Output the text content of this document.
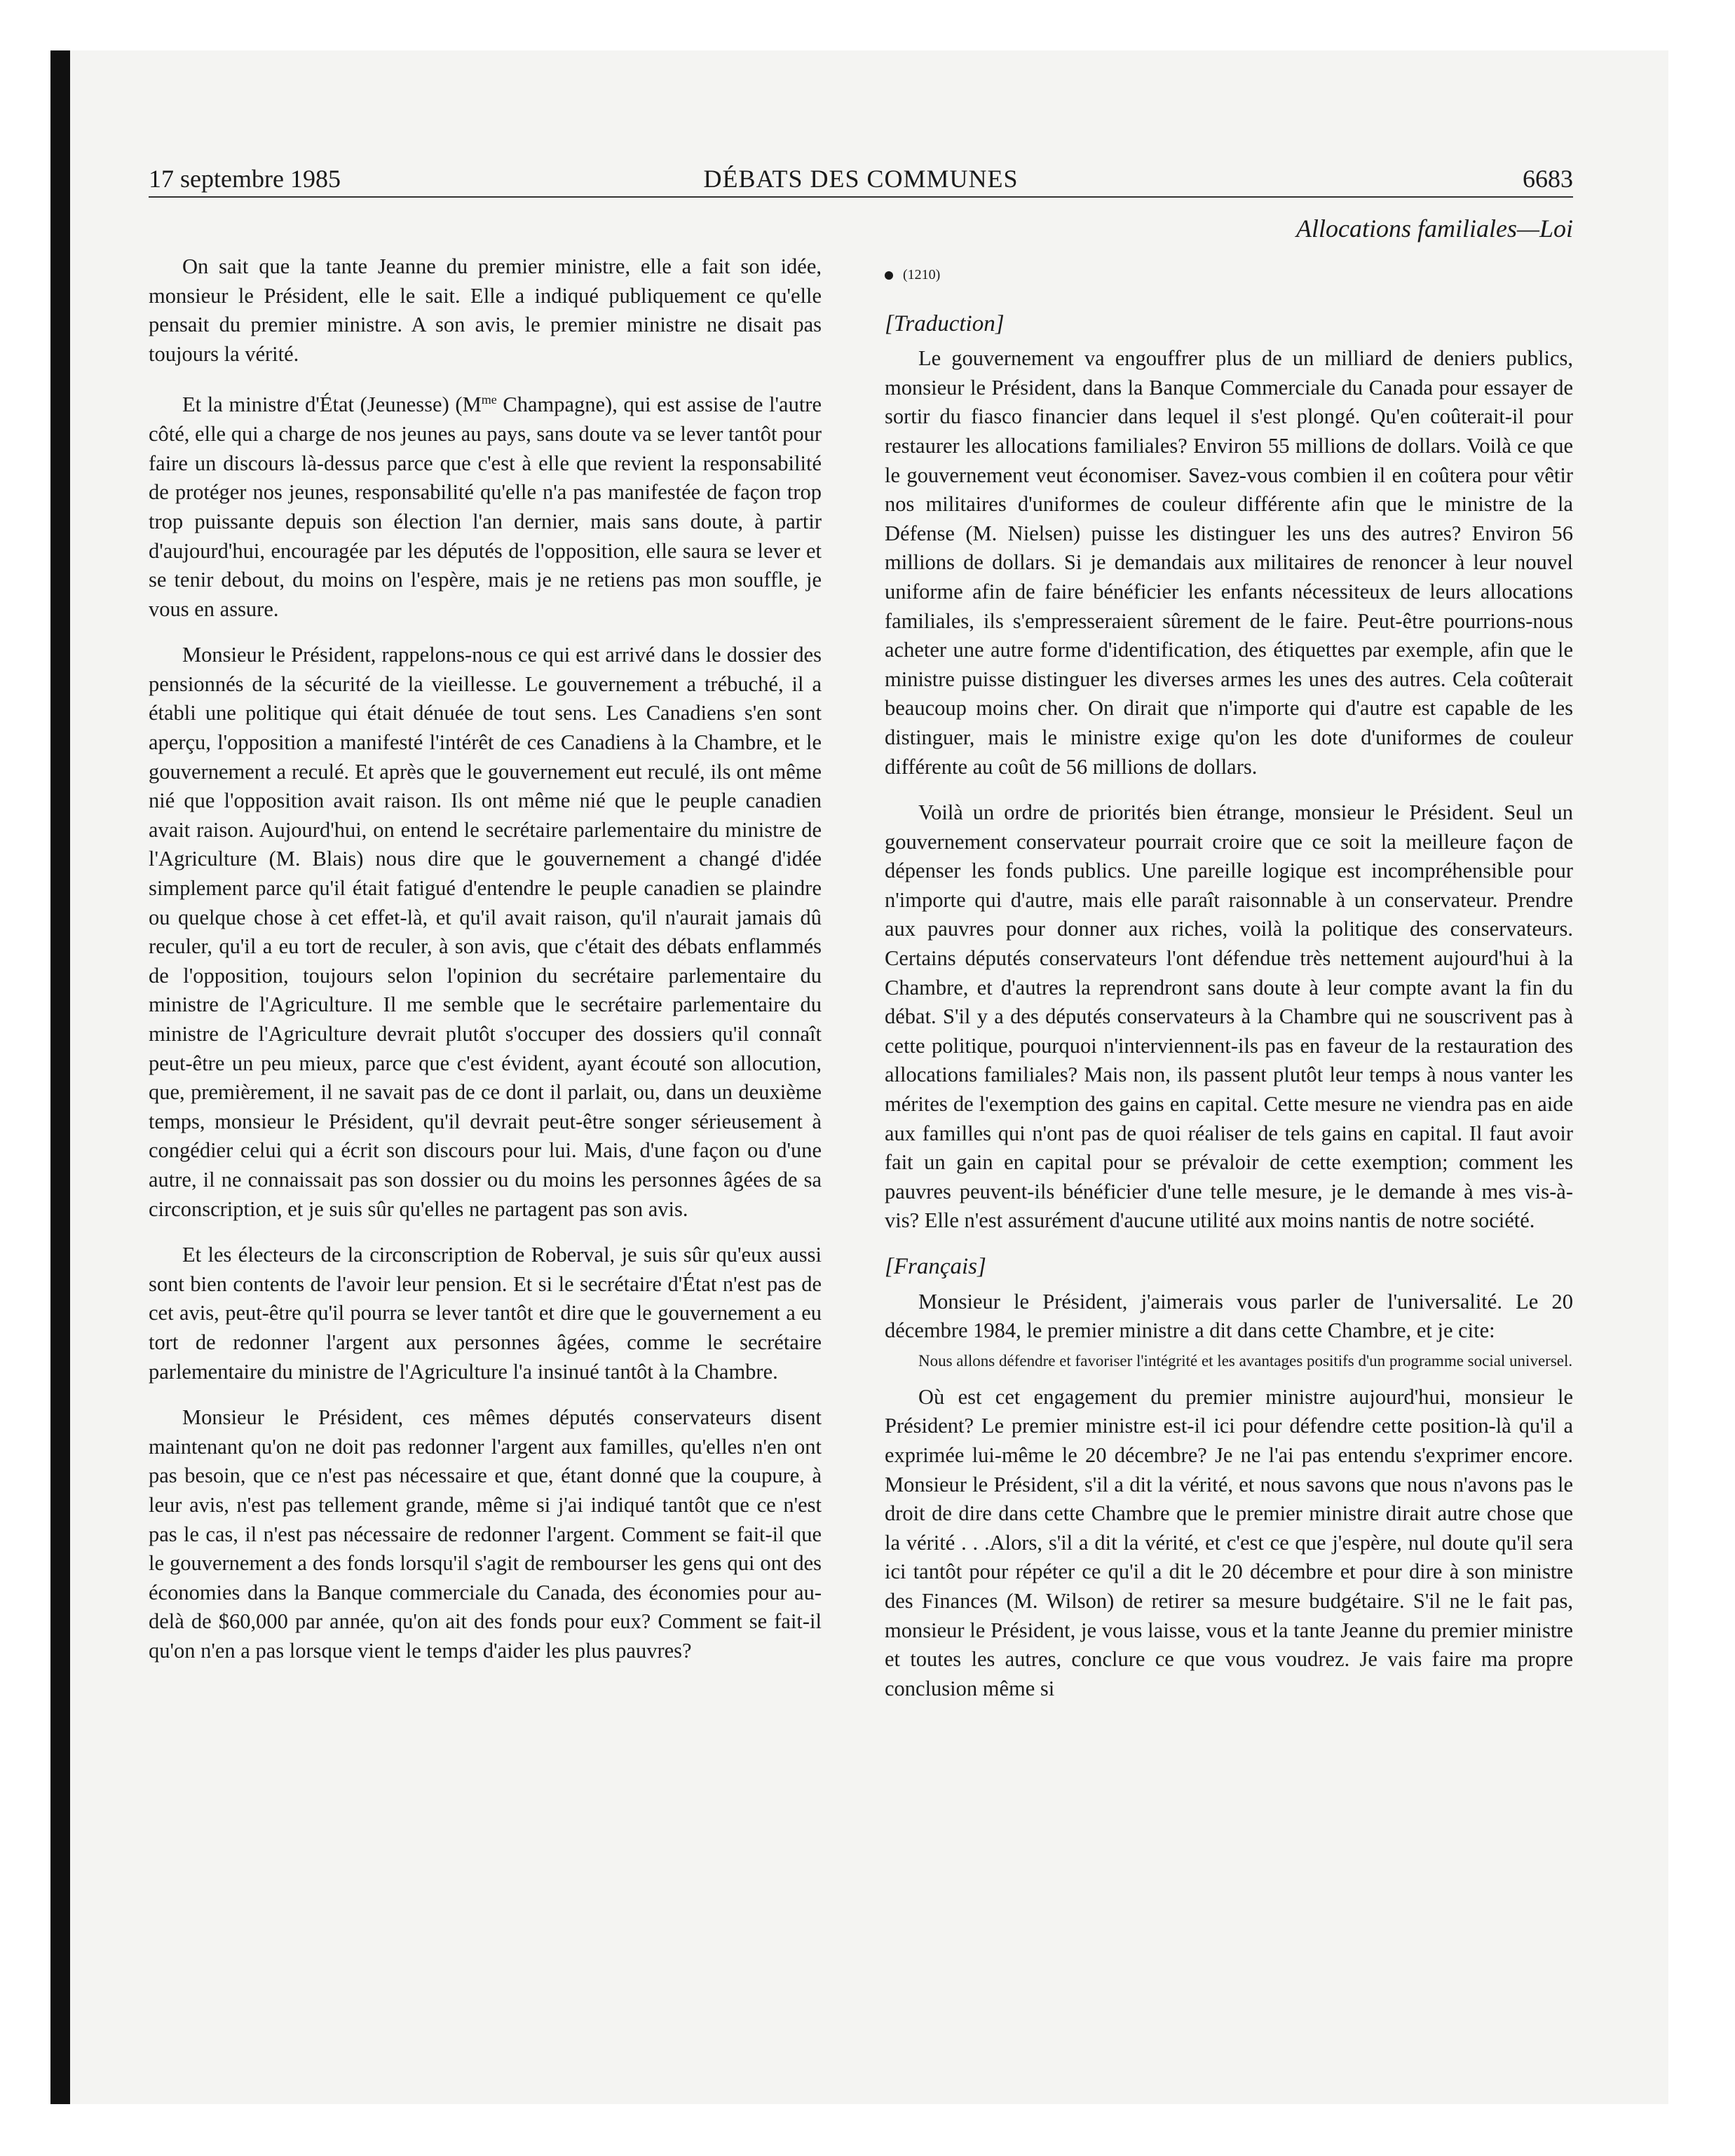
17 septembre 1985	DÉBATS DES COMMUNES	6683
Allocations familiales—Loi

On sait que la tante Jeanne du premier ministre, elle a fait son idée, monsieur le Président, elle le sait. Elle a indiqué publiquement ce qu'elle pensait du premier ministre. A son avis, le premier ministre ne disait pas toujours la vérité.

Et la ministre d'État (Jeunesse) ($M^{me}$ Champagne), qui est assise de l'autre côté, elle qui a charge de nos jeunes au pays, sans doute va se lever tantôt pour faire un discours là-dessus parce que c'est à elle que revient la responsabilité de protéger nos jeunes, responsabilité qu'elle n'a pas manifestée de façon trop trop puissante depuis son élection l'an dernier, mais sans doute, à partir d'aujourd'hui, encouragée par les députés de l'opposition, elle saura se lever et se tenir debout, du moins on l'espère, mais je ne retiens pas mon souffle, je vous en assure.

Monsieur le Président, rappelons-nous ce qui est arrivé dans le dossier des pensionnés de la sécurité de la vieillesse. Le gouvernement a trébuché, il a établi une politique qui était dénuée de tout sens. Les Canadiens s'en sont aperçu, l'opposition a manifesté l'intérêt de ces Canadiens à la Chambre, et le gouvernement a reculé. Et après que le gouvernement eut reculé, ils ont même nié que l'opposition avait raison. Ils ont même nié que le peuple canadien avait raison. Aujourd'hui, on entend le secrétaire parlementaire du ministre de l'Agriculture (M. Blais) nous dire que le gouvernement a changé d'idée simplement parce qu'il était fatigué d'entendre le peuple canadien se plaindre ou quelque chose à cet effet-là, et qu'il avait raison, qu'il n'aurait jamais dû reculer, qu'il a eu tort de reculer, à son avis, que c'était des débats enflammés de l'opposition, toujours selon l'opinion du secrétaire parlementaire du ministre de l'Agriculture. Il me semble que le secrétaire parlementaire du ministre de l'Agriculture devrait plutôt s'occuper des dossiers qu'il connaît peut-être un peu mieux, parce que c'est évident, ayant écouté son allocution, que, premièrement, il ne savait pas de ce dont il parlait, ou, dans un deuxième temps, monsieur le Président, qu'il devrait peut-être songer sérieusement à congédier celui qui a écrit son discours pour lui. Mais, d'une façon ou d'une autre, il ne connaissait pas son dossier ou du moins les personnes âgées de sa circonscription, et je suis sûr qu'elles ne partagent pas son avis.

Et les électeurs de la circonscription de Roberval, je suis sûr qu'eux aussi sont bien contents de l'avoir leur pension. Et si le secrétaire d'État n'est pas de cet avis, peut-être qu'il pourra se lever tantôt et dire que le gouvernement a eu tort de redonner l'argent aux personnes âgées, comme le secrétaire parlementaire du ministre de l'Agriculture l'a insinué tantôt à la Chambre.

Monsieur le Président, ces mêmes députés conservateurs disent maintenant qu'on ne doit pas redonner l'argent aux familles, qu'elles n'en ont pas besoin, que ce n'est pas nécessaire et que, étant donné que la coupure, à leur avis, n'est pas tellement grande, même si j'ai indiqué tantôt que ce n'est pas le cas, il n'est pas nécessaire de redonner l'argent. Comment se fait-il que le gouvernement a des fonds lorsqu'il s'agit de rembourser les gens qui ont des économies dans la Banque commerciale du Canada, des économies pour au-delà de $60,000 par année, qu'on ait des fonds pour eux? Comment se fait-il qu'on n'en a pas lorsque vient le temps d'aider les plus pauvres?

(1210)
[Traduction]

Le gouvernement va engouffrer plus de un milliard de deniers publics, monsieur le Président, dans la Banque Commerciale du Canada pour essayer de sortir du fiasco financier dans lequel il s'est plongé. Qu'en coûterait-il pour restaurer les allocations familiales? Environ 55 millions de dollars. Voilà ce que le gouvernement veut économiser. Savez-vous combien il en coûtera pour vêtir nos militaires d'uniformes de couleur différente afin que le ministre de la Défense (M. Nielsen) puisse les distinguer les uns des autres? Environ 56 millions de dollars. Si je demandais aux militaires de renoncer à leur nouvel uniforme afin de faire bénéficier les enfants nécessiteux de leurs allocations familiales, ils s'empresseraient sûrement de le faire. Peut-être pourrions-nous acheter une autre forme d'identification, des étiquettes par exemple, afin que le ministre puisse distinguer les diverses armes les unes des autres. Cela coûterait beaucoup moins cher. On dirait que n'importe qui d'autre est capable de les distinguer, mais le ministre exige qu'on les dote d'uniformes de couleur différente au coût de 56 millions de dollars.

Voilà un ordre de priorités bien étrange, monsieur le Président. Seul un gouvernement conservateur pourrait croire que ce soit la meilleure façon de dépenser les fonds publics. Une pareille logique est incompréhensible pour n'importe qui d'autre, mais elle paraît raisonnable à un conservateur. Prendre aux pauvres pour donner aux riches, voilà la politique des conservateurs. Certains députés conservateurs l'ont défendue très nettement aujourd'hui à la Chambre, et d'autres la reprendront sans doute à leur compte avant la fin du débat. S'il y a des députés conservateurs à la Chambre qui ne souscrivent pas à cette politique, pourquoi n'interviennent-ils pas en faveur de la restauration des allocations familiales? Mais non, ils passent plutôt leur temps à nous vanter les mérites de l'exemption des gains en capital. Cette mesure ne viendra pas en aide aux familles qui n'ont pas de quoi réaliser de tels gains en capital. Il faut avoir fait un gain en capital pour se prévaloir de cette exemption; comment les pauvres peuvent-ils bénéficier d'une telle mesure, je le demande à mes vis-à-vis? Elle n'est assurément d'aucune utilité aux moins nantis de notre société.

[Français]

Monsieur le Président, j'aimerais vous parler de l'universalité. Le 20 décembre 1984, le premier ministre a dit dans cette Chambre, et je cite:

Nous allons défendre et favoriser l'intégrité et les avantages positifs d'un programme social universel.

Où est cet engagement du premier ministre aujourd'hui, monsieur le Président? Le premier ministre est-il ici pour défendre cette position-là qu'il a exprimée lui-même le 20 décembre? Je ne l'ai pas entendu s'exprimer encore. Monsieur le Président, s'il a dit la vérité, et nous savons que nous n'avons pas le droit de dire dans cette Chambre que le premier ministre dirait autre chose que la vérité . . .Alors, s'il a dit la vérité, et c'est ce que j'espère, nul doute qu'il sera ici tantôt pour répéter ce qu'il a dit le 20 décembre et pour dire à son ministre des Finances (M. Wilson) de retirer sa mesure budgétaire. S'il ne le fait pas, monsieur le Président, je vous laisse, vous et la tante Jeanne du premier ministre et toutes les autres, conclure ce que vous voudrez. Je vais faire ma propre conclusion même si
